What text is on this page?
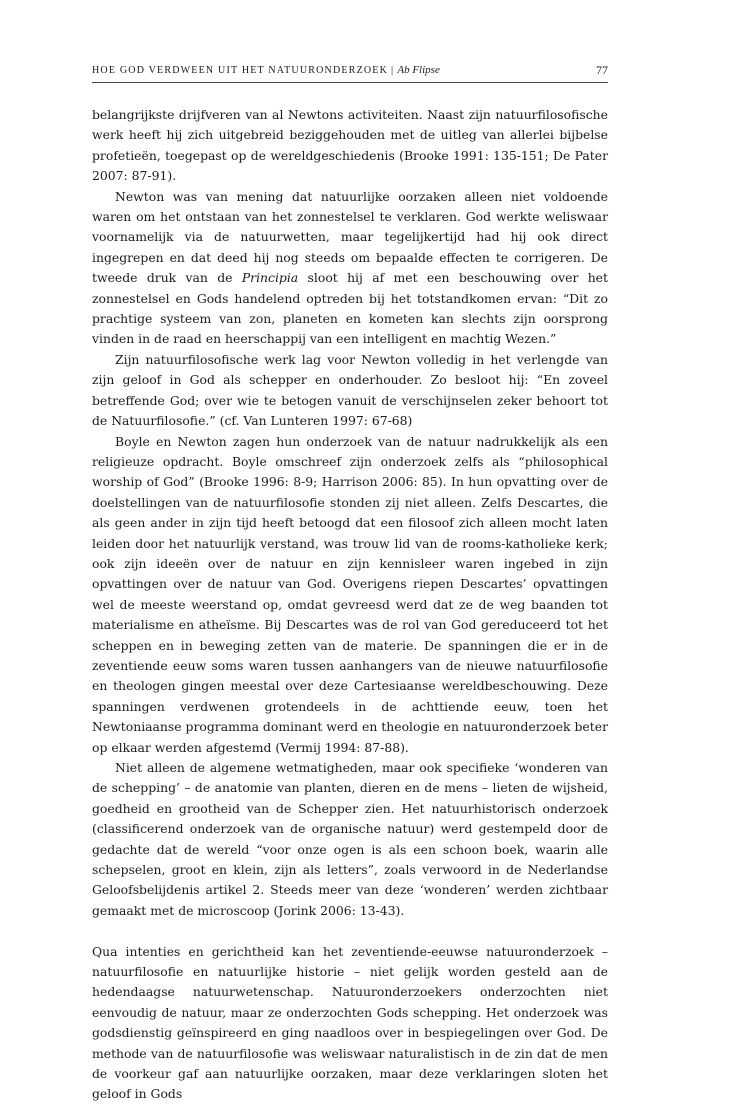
HOE GOD VERDWEEN UIT HET NATUURONDERZOEK | Ab Flipse	77

belangrijkste drijfveren van al Newtons activiteiten. Naast zijn natuurfilosofische werk heeft hij zich uitgebreid beziggehouden met de uitleg van allerlei bijbelse profetieën, toegepast op de wereldgeschiedenis (Brooke 1991: 135-151; De Pater 2007: 87-91).

Newton was van mening dat natuurlijke oorzaken alleen niet voldoende waren om het ontstaan van het zonnestelsel te verklaren. God werkte weliswaar voornamelijk via de natuurwetten, maar tegelijkertijd had hij ook direct ingegrepen en dat deed hij nog steeds om bepaalde effecten te corrigeren. De tweede druk van de Principia sloot hij af met een beschouwing over het zonnestelsel en Gods handelend optreden bij het totstandkomen ervan: “Dit zo prachtige systeem van zon, planeten en kometen kan slechts zijn oorsprong vinden in de raad en heerschappij van een intelligent en machtig Wezen.”

Zijn natuurfilosofische werk lag voor Newton volledig in het verlengde van zijn geloof in God als schepper en onderhouder. Zo besloot hij: “En zoveel betreffende God; over wie te betogen vanuit de verschijnselen zeker behoort tot de Natuurfilosofie.” (cf. Van Lunteren 1997: 67-68)

Boyle en Newton zagen hun onderzoek van de natuur nadrukkelijk als een religieuze opdracht. Boyle omschreef zijn onderzoek zelfs als “philosophical worship of God” (Brooke 1996: 8-9; Harrison 2006: 85). In hun opvatting over de doelstellingen van de natuurfilosofie stonden zij niet alleen. Zelfs Descartes, die als geen ander in zijn tijd heeft betoogd dat een filosoof zich alleen mocht laten leiden door het natuurlijk verstand, was trouw lid van de rooms-katholieke kerk; ook zijn ideeën over de natuur en zijn kennisleer waren ingebed in zijn opvattingen over de natuur van God. Overigens riepen Descartes’ opvattingen wel de meeste weerstand op, omdat gevreesd werd dat ze de weg baanden tot materialisme en atheïsme. Bij Descartes was de rol van God gereduceerd tot het scheppen en in beweging zetten van de materie. De spanningen die er in de zeventiende eeuw soms waren tussen aanhangers van de nieuwe natuurfilosofie en theologen gingen meestal over deze Cartesiaanse wereldbeschouwing. Deze spanningen verdwenen grotendeels in de achttiende eeuw, toen het Newtoniaanse programma dominant werd en theologie en natuuronderzoek beter op elkaar werden afgestemd (Vermij 1994: 87-88).

Niet alleen de algemene wetmatigheden, maar ook specifieke ‘wonderen van de schepping’ – de anatomie van planten, dieren en de mens – lieten de wijsheid, goedheid en grootheid van de Schepper zien. Het natuurhistorisch onderzoek (classificerend onderzoek van de organische natuur) werd gestempeld door de gedachte dat de wereld “voor onze ogen is als een schoon boek, waarin alle schepselen, groot en klein, zijn als letters”, zoals verwoord in de Nederlandse Geloofsbelijdenis artikel 2. Steeds meer van deze ‘wonderen’ werden zichtbaar gemaakt met de microscoop (Jorink 2006: 13-43).

Qua intenties en gerichtheid kan het zeventiende-eeuwse natuuronderzoek – natuurfilosofie en natuurlijke historie – niet gelijk worden gesteld aan de hedendaagse natuurwetenschap. Natuuronderzoekers onderzochten niet eenvoudig de natuur, maar ze onderzochten Gods schepping. Het onderzoek was godsdienstig geïnspireerd en ging naadloos over in bespiegelingen over God. De methode van de natuurfilosofie was weliswaar naturalistisch in de zin dat de men de voorkeur gaf aan natuurlijke oorzaken, maar deze verklaringen sloten het geloof in Gods
